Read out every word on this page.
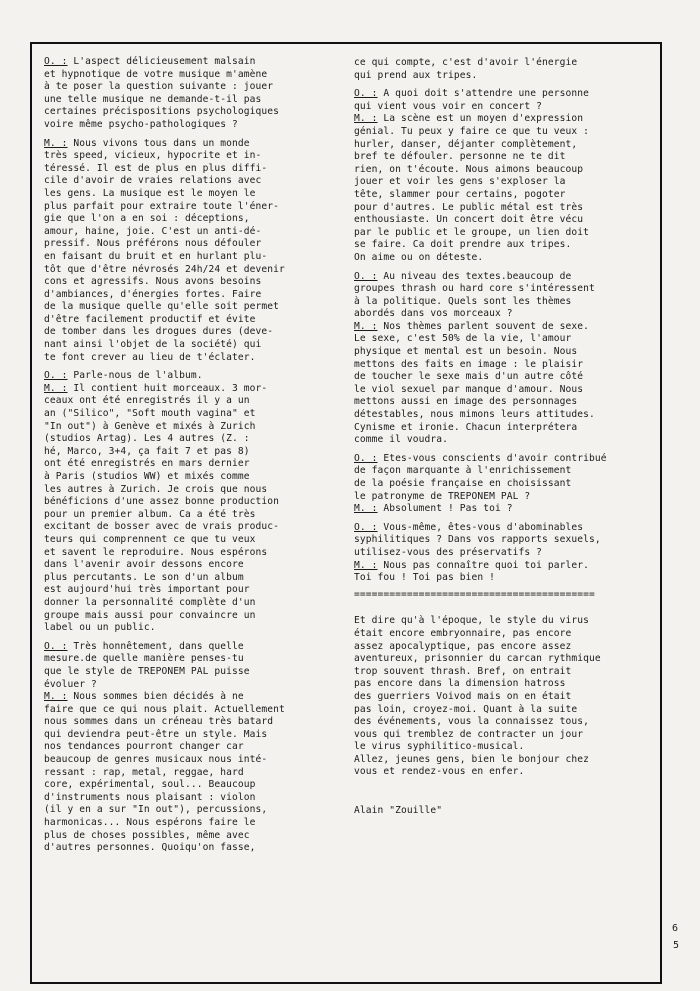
O. : L'aspect délicieusement malsain
et hypnotique de votre musique m'amène
à te poser la question suivante : jouer
une telle musique ne demande-t-il pas
certaines précispositions psychologiques
voire même psycho-pathologiques ?
M. : Nous vivons tous dans un monde
très speed, vicieux, hypocrite et in-
téressé. Il est de plus en plus diffi-
cile d'avoir de vraies relations avec
les gens. La musique est le moyen le
plus parfait pour extraire toute l'éner-
gie que l'on a en soi : déceptions,
amour, haine, joie. C'est un anti-dé-
pressif. Nous préférons nous défouler
en faisant du bruit et en hurlant plu-
tôt que d'être névrosés 24h/24 et devenir
cons et agressifs. Nous avons besoins
d'ambiances, d'énergies fortes. Faire
de la musique quelle qu'elle soit permet
d'être facilement productif et évite
de tomber dans les drogues dures (deve-
nant ainsi l'objet de la société) qui
te font crever au lieu de t'éclater.
O. : Parle-nous de l'album.
M. : Il contient huit morceaux. 3 mor-
ceaux ont été enregistrés il y a un
an ("Silico", "Soft mouth vagina" et
"In out") à Genève et mixés à Zurich
(studios Artag). Les 4 autres (Z. :
hé, Marco, 3+4, ça fait 7 et pas 8)
ont été enregistrés en mars dernier
à Paris (studios WW) et mixés comme
les autres à Zurich. Je crois que nous
bénéficions d'une assez bonne production
pour un premier album. Ca a été très
excitant de bosser avec de vrais produc-
teurs qui comprennent ce que tu veux
et savent le reproduire. Nous espérons
dans l'avenir avoir dessons encore
plus percutants. Le son d'un album
est aujourd'hui très important pour
donner la personnalité complète d'un
groupe mais aussi pour convaincre un
label ou un public.
O. : Très honnêtement, dans quelle
mesure.de quelle manière penses-tu
que le style de TREPONEM PAL puisse
évoluer ?
M. : Nous sommes bien décidés à ne
faire que ce qui nous plait. Actuellement
nous sommes dans un créneau très batard
qui deviendra peut-être un style. Mais
nos tendances pourront changer car
beaucoup de genres musicaux nous inté-
ressant : rap, metal, reggae, hard
core, expérimental, soul... Beaucoup
d'instruments nous plaisant : violon
(il y en a sur "In out"), percussions,
harmonicas... Nous espérons faire le
plus de choses possibles, même avec
d'autres personnes. Quoiqu'on fasse,
ce qui compte, c'est d'avoir l'énergie
qui prend aux tripes.
O. : A quoi doit s'attendre une personne
qui vient vous voir en concert ?
M. : La scène est un moyen d'expression
génial. Tu peux y faire ce que tu veux :
hurler, danser, déjanter complètement,
bref te défouler. personne ne te dit
rien, on t'écoute. Nous aimons beaucoup
jouer et voir les gens s'exploser la
tête, slammer pour certains, pogoter
pour d'autres. Le public métal est très
enthousiaste. Un concert doit être vécu
par le public et le groupe, un lien doit
se faire. Ca doit prendre aux tripes.
On aime ou on déteste.
O. : Au niveau des textes.beaucoup de
groupes thrash ou hard core s'intéressent
à la politique. Quels sont les thèmes
abordés dans vos morceaux ?
M. : Nos thèmes parlent souvent de sexe.
Le sexe, c'est 50% de la vie, l'amour
physique et mental est un besoin. Nous
mettons des faits en image : le plaisir
de toucher le sexe mais d'un autre côté
le viol sexuel par manque d'amour. Nous
mettons aussi en image des personnages
détestables, nous mimons leurs attitudes.
Cynisme et ironie. Chacun interprétera
comme il voudra.
O. : Etes-vous conscients d'avoir contribué
de façon marquante à l'enrichissement
de la poésie française en choisissant
le patronyme de TREPONEM PAL ?
M. : Absolument ! Pas toi ?
O. : Vous-même, êtes-vous d'abominables
syphilitiques ? Dans vos rapports sexuels,
utilisez-vous des préservatifs ?
M. : Nous pas connaître quoi toi parler.
Toi fou ! Toi pas bien !
=========================================
Et dire qu'à l'époque, le style du virus
était encore embryonnaire, pas encore
assez apocalyptique, pas encore assez
aventureux, prisonnier du carcan rythmique
trop souvent thrash. Bref, on entrait
pas encore dans la dimension hatross
des guerriers Voivod mais on en était
pas loin, croyez-moi. Quant à la suite
des événements, vous la connaissez tous,
vous qui tremblez de contracter un jour
le virus syphilitico-musical.
Allez, jeunes gens, bien le bonjour chez
vous et rendez-vous en enfer.
Alain "Zouille"
6
5
